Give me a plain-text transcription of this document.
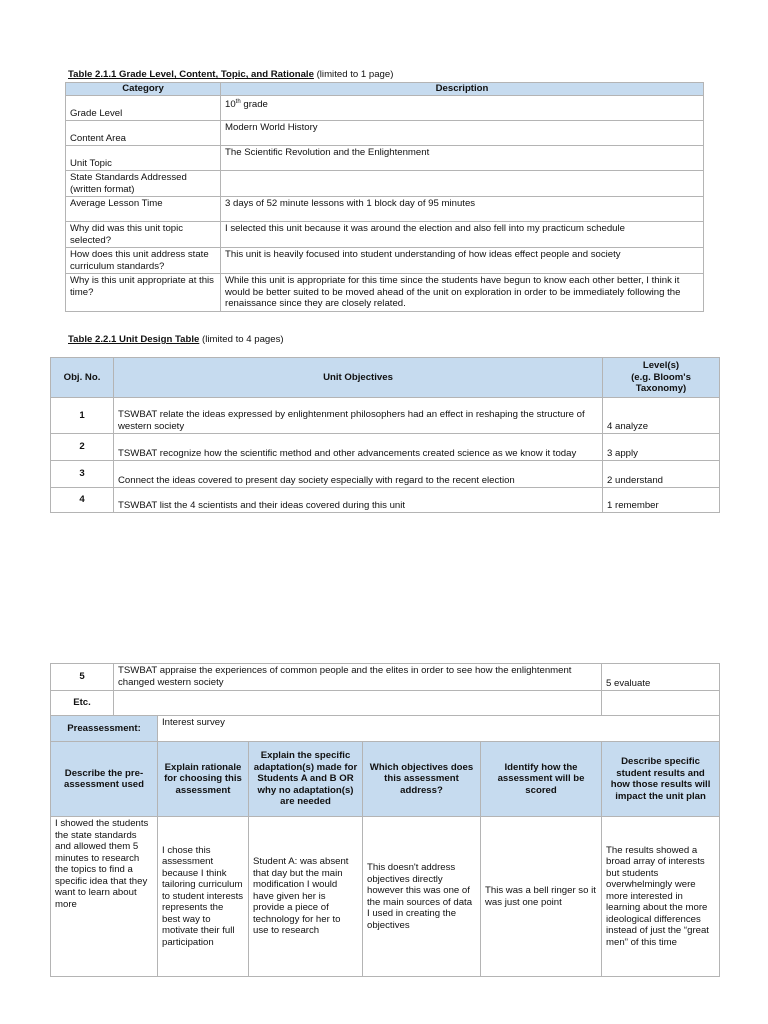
Table 2.1.1 Grade Level, Content, Topic, and Rationale (limited to 1 page)
Category	Description
Grade Level	10th grade
Content Area	Modern World History
Unit Topic	The Scientific Revolution and the Enlightenment
State Standards Addressed (written format)	
Average Lesson Time	3 days of 52 minute lessons with 1 block day of 95 minutes
Why did was this unit topic selected?	I selected this unit because it was around the election and also fell into my practicum schedule
How does this unit address state curriculum standards?	This unit is heavily focused into student understanding of how ideas effect people and society
Why is this unit appropriate at this time?	While this unit is appropriate for this time since the students have begun to know each other better, I think it would be better suited to be moved ahead of the unit on exploration in order to be immediately following the renaissance since they are closely related.
Table 2.2.1 Unit Design Table (limited to 4 pages)
Obj. No.	Unit Objectives	Level(s)
(e.g. Bloom's Taxonomy)
1	TSWBAT relate the ideas expressed by enlightenment philosophers had an effect in reshaping the structure of western society	4 analyze
2	TSWBAT recognize how the scientific method and other advancements created science as we know it today	3 apply
3	Connect the ideas covered to present day society especially with regard to the recent election	2 understand
4	TSWBAT list the 4 scientists and their ideas covered during this unit	1 remember
5	TSWBAT appraise the experiences of common people and the elites in order to see how the enlightenment changed western society					5 evaluate
Etc.						
Preassessment:		Interest survey				
Describe the pre-assessment used		Explain rationale for choosing this assessment	Explain the specific adaptation(s) made for Students A and B OR why no adaptation(s) are needed	Which objectives does this assessment address?	Identify how the assessment will be scored	Describe specific student results and how those results will impact the unit plan
I showed the students the state standards and allowed them 5 minutes to research the topics to find a specific idea that they want to learn about more		I chose this assessment because I think tailoring curriculum to student interests represents the best way to motivate their full participation	Student A: was absent that day but the main modification I would have given her is provide a piece of technology for her to use to research	This doesn't address objectives directly however this was one of the main sources of data I used in creating the objectives	This was a bell ringer so it was just one point	The results showed a broad array of interests but students overwhelmingly were more interested in learning about the more ideological differences instead of just the “great men” of this time
